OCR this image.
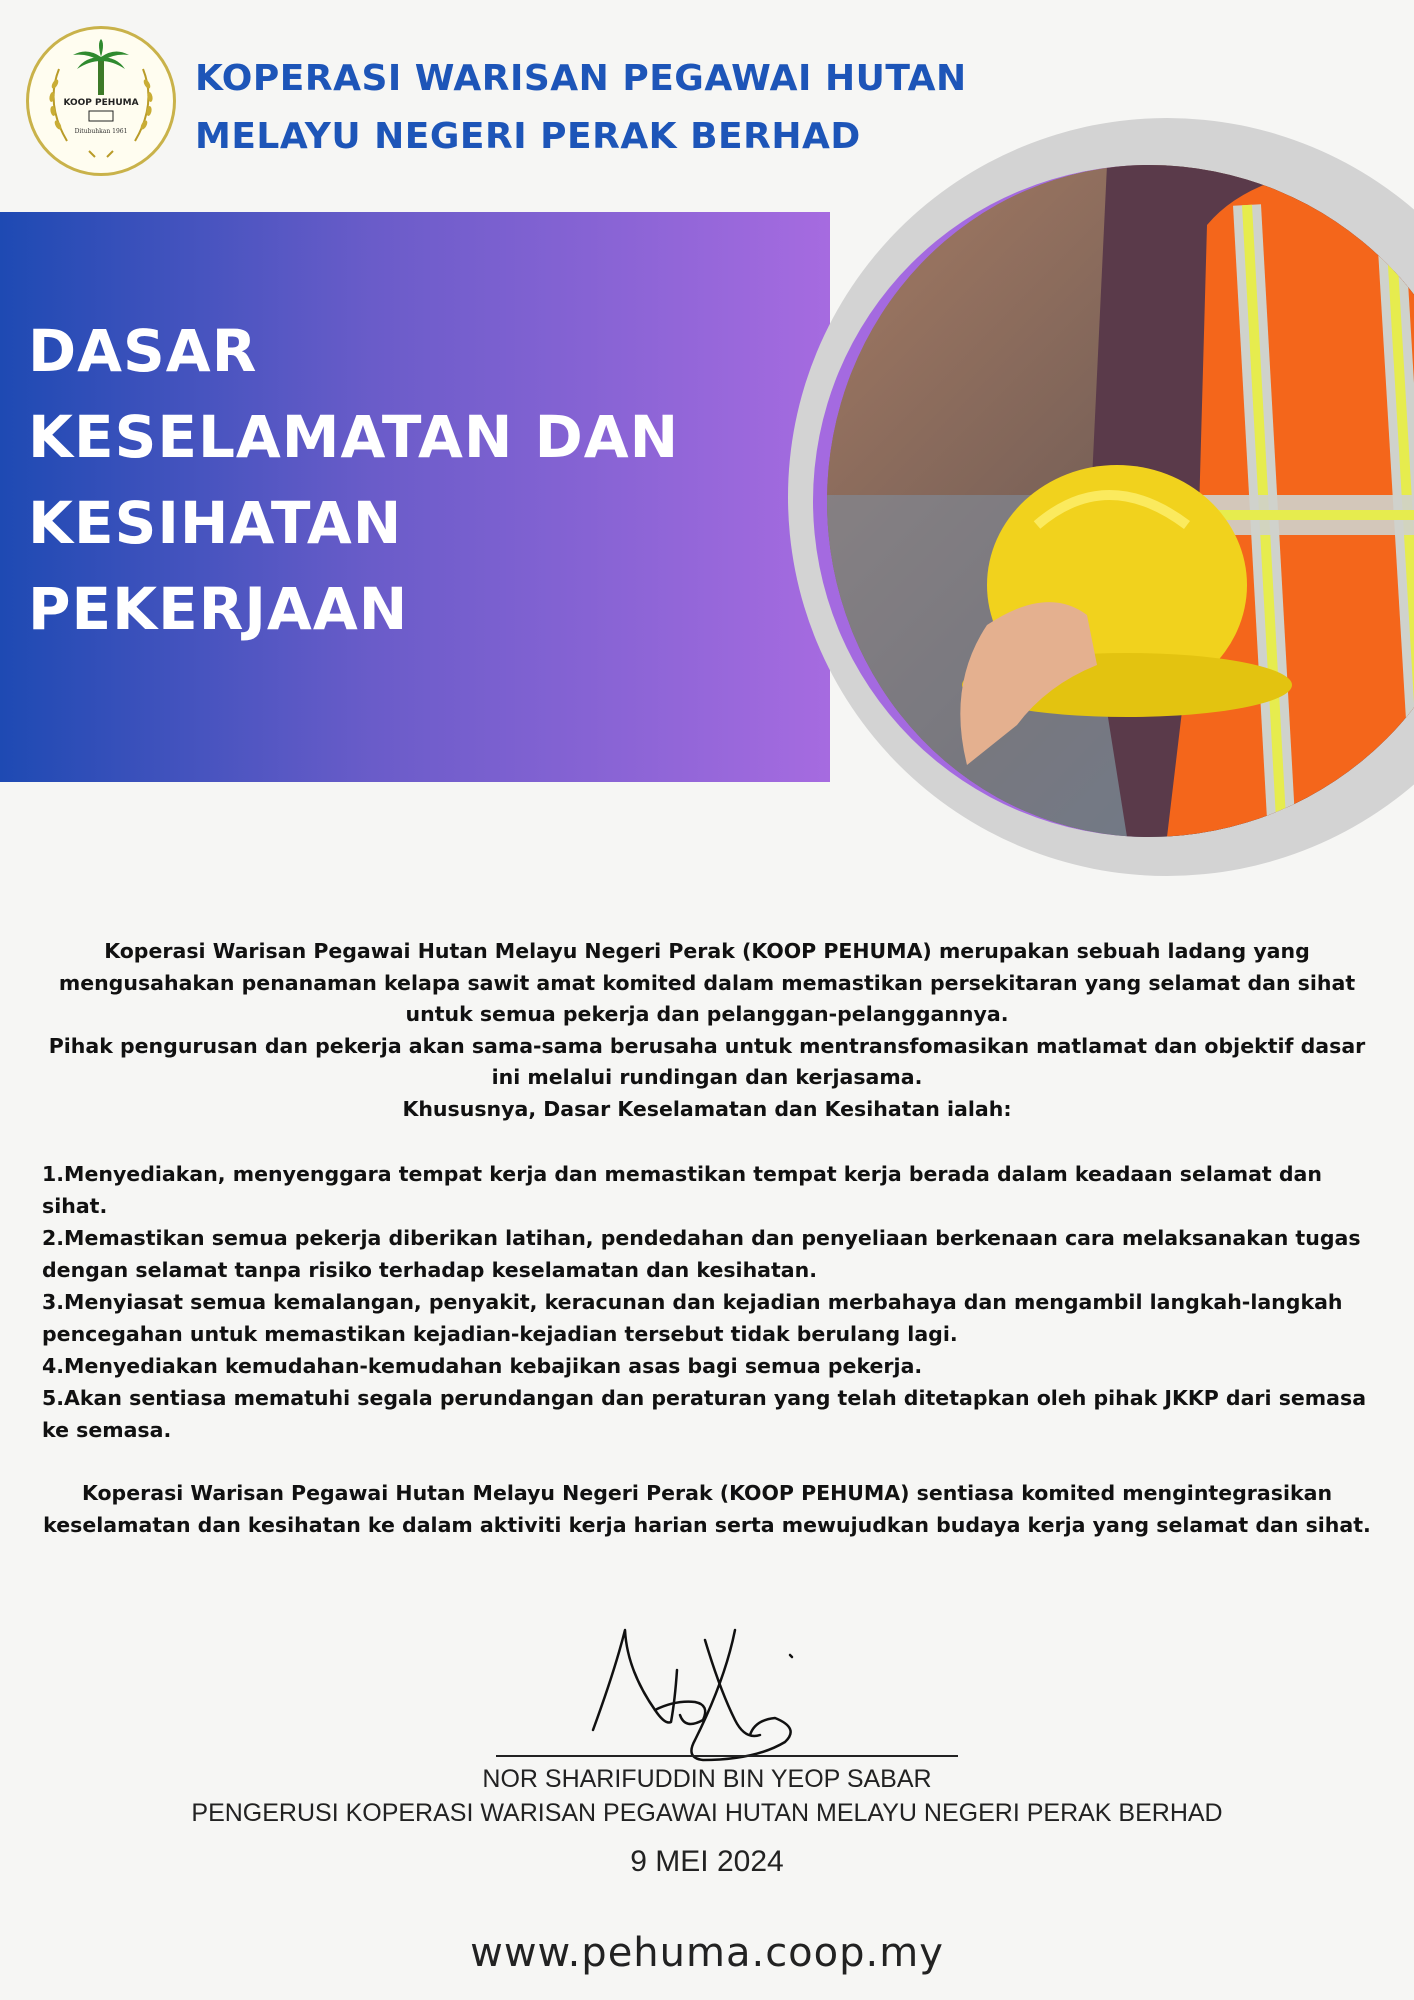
KOOP PEHUMA
Ditubuhkan 1961
KOPERASI WARISAN PEGAWAI HUTAN
MELAYU NEGERI PERAK BERHAD
DASAR
KESELAMATAN DAN
KESIHATAN
PEKERJAAN

Koperasi Warisan Pegawai Hutan Melayu Negeri Perak (KOOP PEHUMA) merupakan sebuah ladang yang mengusahakan penanaman kelapa sawit amat komited dalam memastikan persekitaran yang selamat dan sihat untuk semua pekerja dan pelanggan-pelanggannya.

Pihak pengurusan dan pekerja akan sama-sama berusaha untuk mentransfomasikan matlamat dan objektif dasar ini melalui rundingan dan kerjasama.

Khususnya, Dasar Keselamatan dan Kesihatan ialah:

1.Menyediakan, menyenggara tempat kerja dan memastikan tempat kerja berada dalam keadaan selamat dan sihat.
2.Memastikan semua pekerja diberikan latihan, pendedahan dan penyeliaan berkenaan cara melaksanakan tugas dengan selamat tanpa risiko terhadap keselamatan dan kesihatan.
3.Menyiasat semua kemalangan, penyakit, keracunan dan kejadian merbahaya dan mengambil langkah-langkah pencegahan untuk memastikan kejadian-kejadian tersebut tidak berulang lagi.
4.Menyediakan kemudahan-kemudahan kebajikan asas bagi semua pekerja.
5.Akan sentiasa mematuhi segala perundangan dan peraturan yang telah ditetapkan oleh pihak JKKP dari semasa ke semasa.

Koperasi Warisan Pegawai Hutan Melayu Negeri Perak (KOOP PEHUMA) sentiasa komited mengintegrasikan keselamatan dan kesihatan ke dalam aktiviti kerja harian serta mewujudkan budaya kerja yang selamat dan sihat.

NOR SHARIFUDDIN BIN YEOP SABAR
PENGERUSI KOPERASI WARISAN PEGAWAI HUTAN MELAYU NEGERI PERAK BERHAD
9 MEI 2024
www.pehuma.coop.my
